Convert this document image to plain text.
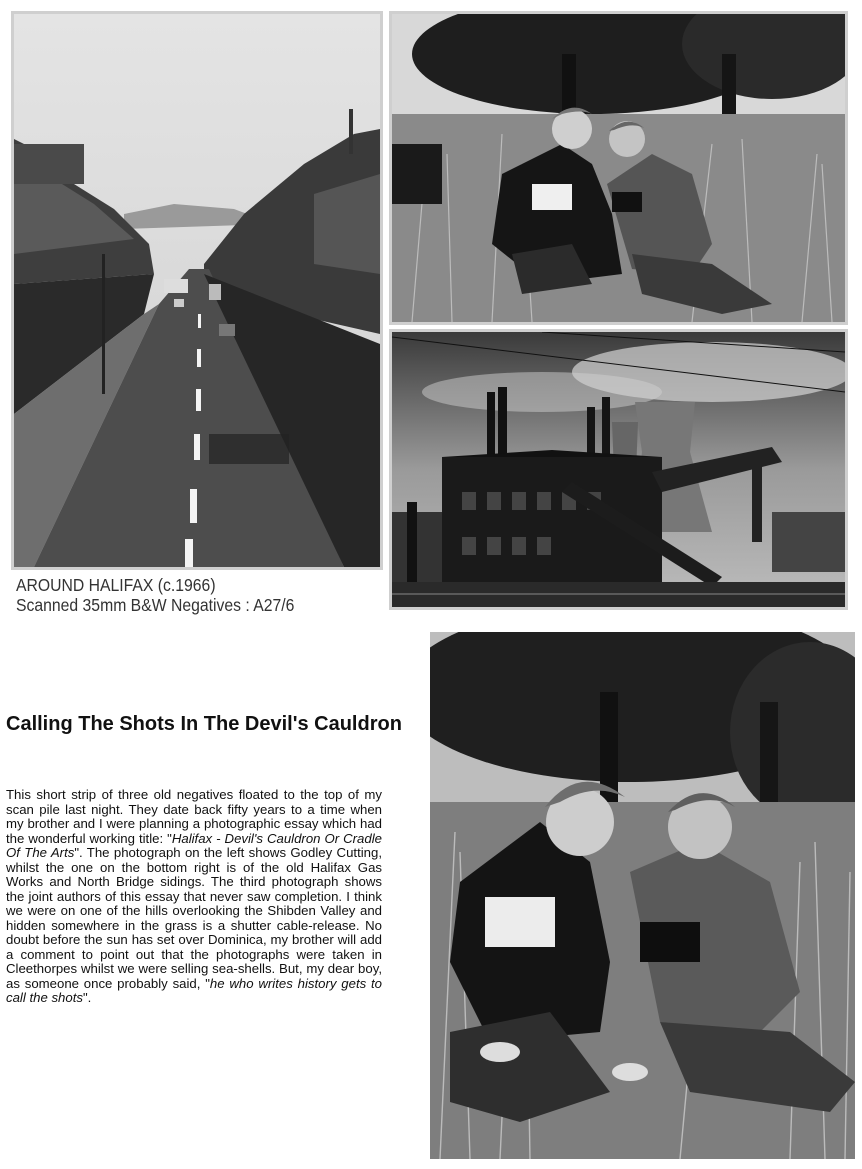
AROUND HALIFAX (c.1966)
Scanned 35mm B&W Negatives : A27/6
Calling The Shots In The Devil's Cauldron

This short strip of three old negatives floated to the top of my scan pile last night. They date back fifty years to a time when my brother and I were planning a photographic essay which had the wonderful working title: "Halifax - Devil's Cauldron Or Cradle Of The Arts". The photograph on the left shows Godley Cutting, whilst the one on the bottom right is of the old Halifax Gas Works and North Bridge sidings. The third photograph shows the joint authors of this essay that never saw completion. I think we were on one of the hills overlooking the Shibden Valley and hidden somewhere in the grass is a shutter cable-release. No doubt before the sun has set over Dominica, my brother will add a comment to point out that the photographs were taken in Cleethorpes whilst we were selling sea-shells. But, my dear boy, as someone once probably said, "he who writes history gets to call the shots".
